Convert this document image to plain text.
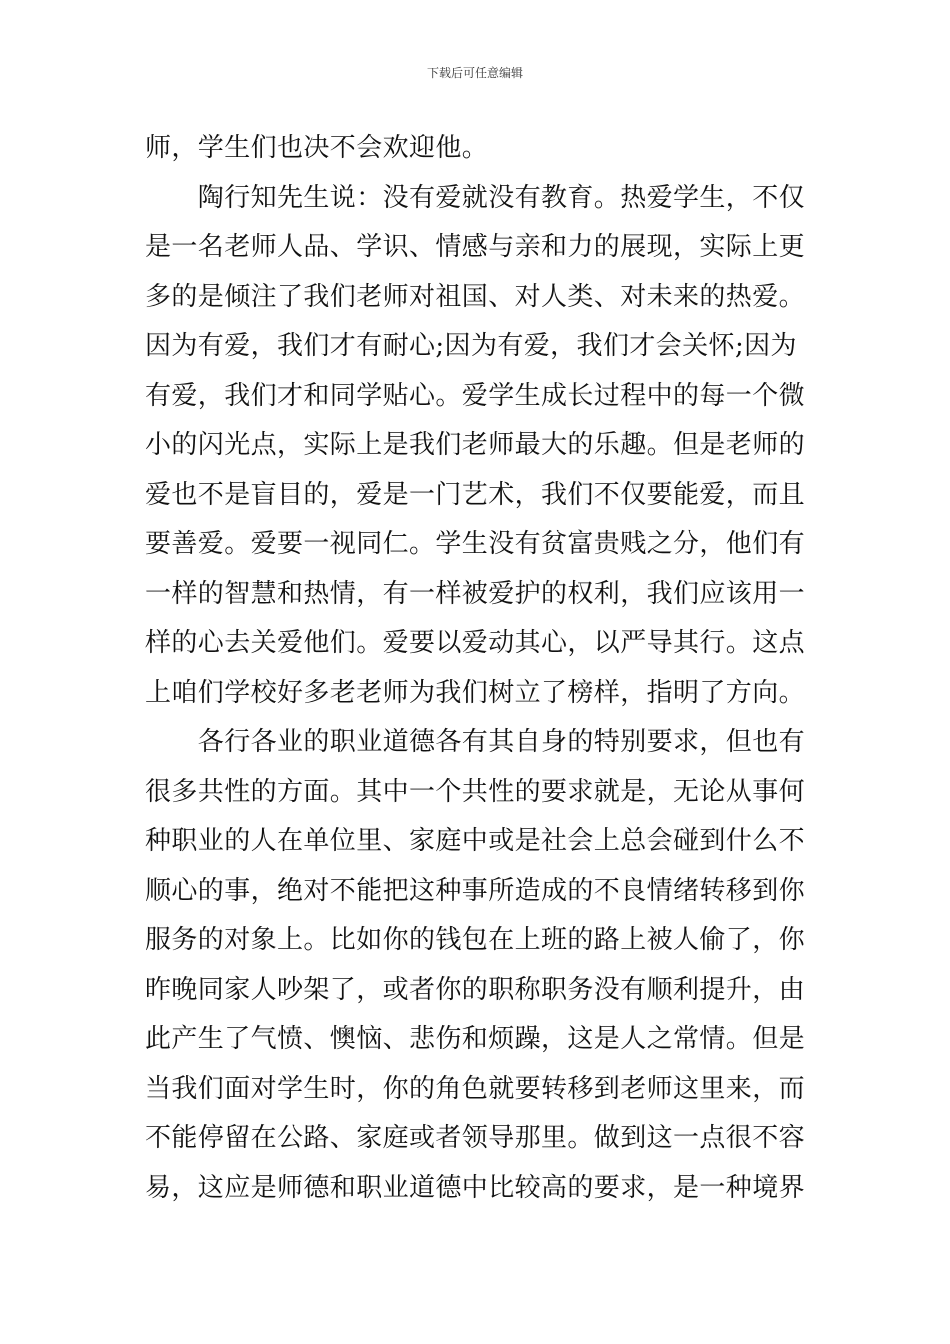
下载后可任意编辑
师，学生们也决不会欢迎他。
　　陶行知先生说：没有爱就没有教育。热爱学生，不仅
是一名老师人品、学识、情感与亲和力的展现，实际上更
多的是倾注了我们老师对祖国、对人类、对未来的热爱。
因为有爱，我们才有耐心;因为有爱，我们才会关怀;因为
有爱，我们才和同学贴心。爱学生成长过程中的每一个微
小的闪光点，实际上是我们老师最大的乐趣。但是老师的
爱也不是盲目的，爱是一门艺术，我们不仅要能爱，而且
要善爱。爱要一视同仁。学生没有贫富贵贱之分，他们有
一样的智慧和热情，有一样被爱护的权利，我们应该用一
样的心去关爱他们。爱要以爱动其心，以严导其行。这点
上咱们学校好多老老师为我们树立了榜样，指明了方向。
　　各行各业的职业道德各有其自身的特别要求，但也有
很多共性的方面。其中一个共性的要求就是，无论从事何
种职业的人在单位里、家庭中或是社会上总会碰到什么不
顺心的事，绝对不能把这种事所造成的不良情绪转移到你
服务的对象上。比如你的钱包在上班的路上被人偷了，你
昨晚同家人吵架了，或者你的职称职务没有顺利提升，由
此产生了气愤、懊恼、悲伤和烦躁，这是人之常情。但是
当我们面对学生时，你的角色就要转移到老师这里来，而
不能停留在公路、家庭或者领导那里。做到这一点很不容
易，这应是师德和职业道德中比较高的要求，是一种境界
